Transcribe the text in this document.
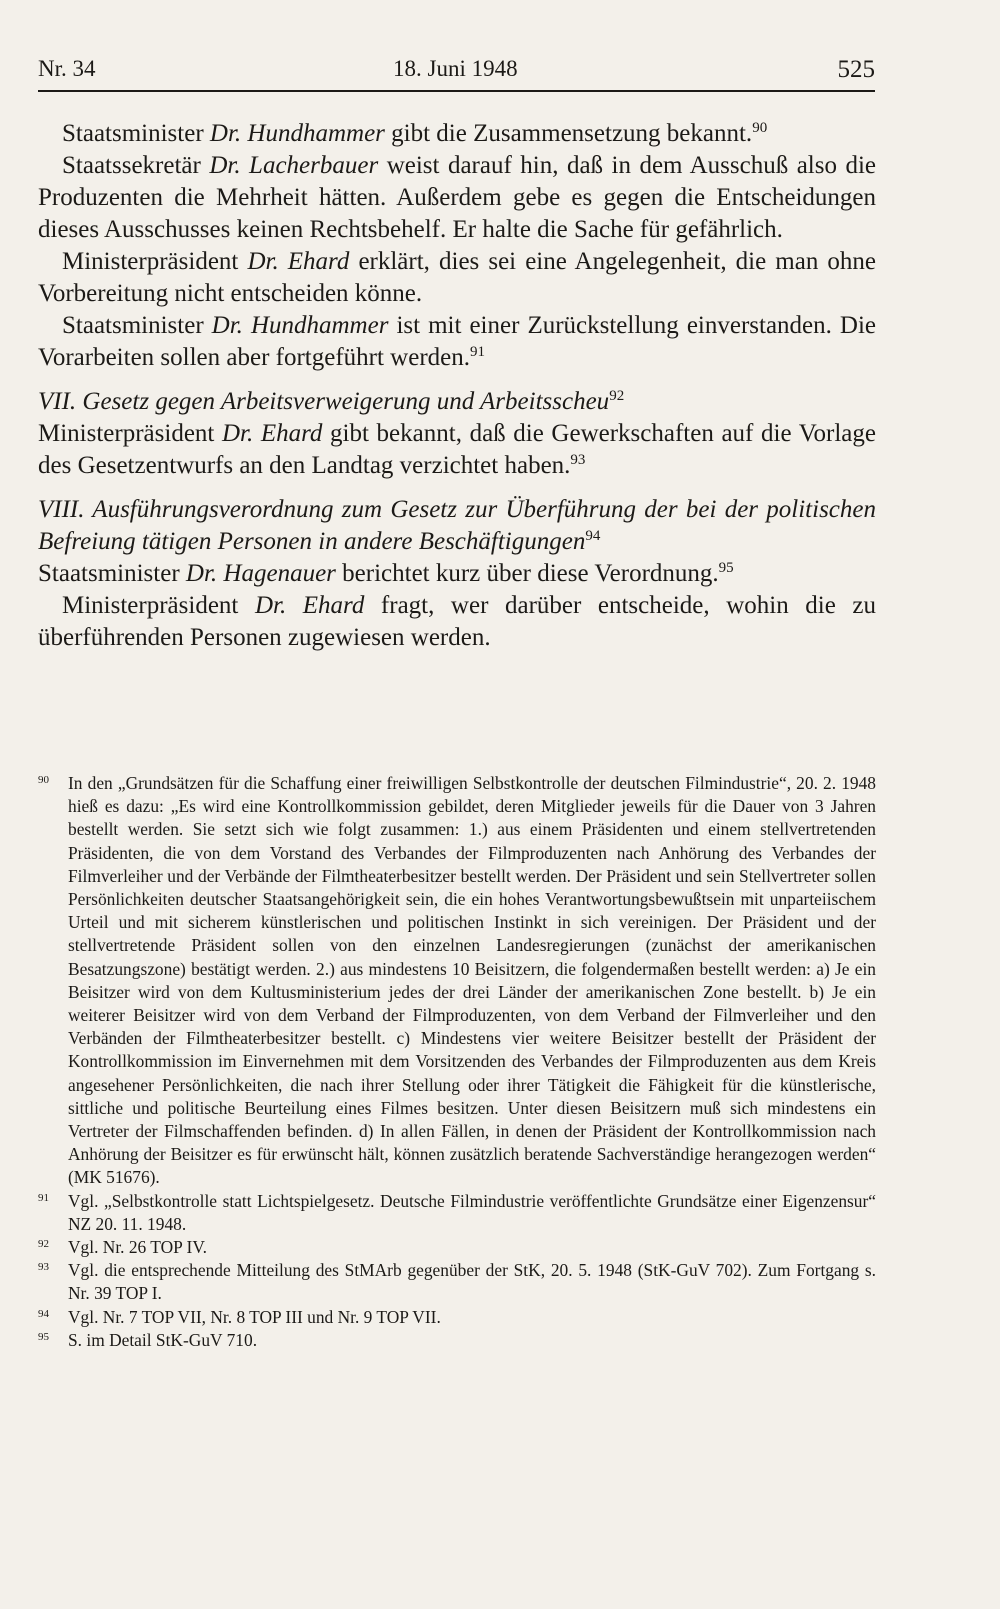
Nr. 34	18. Juni 1948	525

Staatsminister Dr. Hundhammer gibt die Zusammensetzung bekannt.$^{90}$

Staatssekretär Dr. Lacherbauer weist darauf hin, daß in dem Ausschuß also die Produzenten die Mehrheit hätten. Außerdem gebe es gegen die Entscheidungen dieses Ausschusses keinen Rechtsbehelf. Er halte die Sache für gefährlich.

Ministerpräsident Dr. Ehard erklärt, dies sei eine Angelegenheit, die man ohne Vorbereitung nicht entscheiden könne.

Staatsminister Dr. Hundhammer ist mit einer Zurückstellung einverstanden. Die Vorarbeiten sollen aber fortgeführt werden.$^{91}$

VII. Gesetz gegen Arbeitsverweigerung und Arbeitsscheu$^{92}$

Ministerpräsident Dr. Ehard gibt bekannt, daß die Gewerkschaften auf die Vorlage des Gesetzentwurfs an den Landtag verzichtet haben.$^{93}$

VIII. Ausführungsverordnung zum Gesetz zur Überführung der bei der politischen Befreiung tätigen Personen in andere Beschäftigungen$^{94}$

Staatsminister Dr. Hagenauer berichtet kurz über diese Verordnung.$^{95}$

Ministerpräsident Dr. Ehard fragt, wer darüber entscheide, wohin die zu überführenden Personen zugewiesen werden.

90 In den „Grundsätzen für die Schaffung einer freiwilligen Selbstkontrolle der deutschen Filmindustrie“, 20. 2. 1948 hieß es dazu: „Es wird eine Kontrollkommission gebildet, deren Mitglieder jeweils für die Dauer von 3 Jahren bestellt werden. Sie setzt sich wie folgt zusammen: 1.) aus einem Präsidenten und einem stellvertretenden Präsidenten, die von dem Vorstand des Verbandes der Filmproduzenten nach Anhörung des Verbandes der Filmverleiher und der Verbände der Filmtheaterbesitzer bestellt werden. Der Präsident und sein Stellvertreter sollen Persönlichkeiten deutscher Staatsangehörigkeit sein, die ein hohes Verantwortungsbewußtsein mit unparteiischem Urteil und mit sicherem künstlerischen und politischen Instinkt in sich vereinigen. Der Präsident und der stellvertretende Präsident sollen von den einzelnen Landesregierungen (zunächst der amerikanischen Besatzungszone) bestätigt werden. 2.) aus mindestens 10 Beisitzern, die folgendermaßen bestellt werden: a) Je ein Beisitzer wird von dem Kultusministerium jedes der drei Länder der amerikanischen Zone bestellt. b) Je ein weiterer Beisitzer wird von dem Verband der Filmproduzenten, von dem Verband der Filmverleiher und den Verbänden der Filmtheaterbesitzer bestellt. c) Mindestens vier weitere Beisitzer bestellt der Präsident der Kontrollkommission im Einvernehmen mit dem Vorsitzenden des Verbandes der Filmproduzenten aus dem Kreis angesehener Persönlichkeiten, die nach ihrer Stellung oder ihrer Tätigkeit die Fähigkeit für die künstlerische, sittliche und politische Beurteilung eines Filmes besitzen. Unter diesen Beisitzern muß sich mindestens ein Vertreter der Filmschaffenden befinden. d) In allen Fällen, in denen der Präsident der Kontrollkommission nach Anhörung der Beisitzer es für erwünscht hält, können zusätzlich beratende Sachverständige herangezogen werden“ (MK 51676).

91 Vgl. „Selbstkontrolle statt Lichtspielgesetz. Deutsche Filmindustrie veröffentlichte Grundsätze einer Eigenzensur“ NZ 20. 11. 1948.

92 Vgl. Nr. 26 TOP IV.

93 Vgl. die entsprechende Mitteilung des StMArb gegenüber der StK, 20. 5. 1948 (StK-GuV 702). Zum Fortgang s. Nr. 39 TOP I.

94 Vgl. Nr. 7 TOP VII, Nr. 8 TOP III und Nr. 9 TOP VII.

95 S. im Detail StK-GuV 710.
